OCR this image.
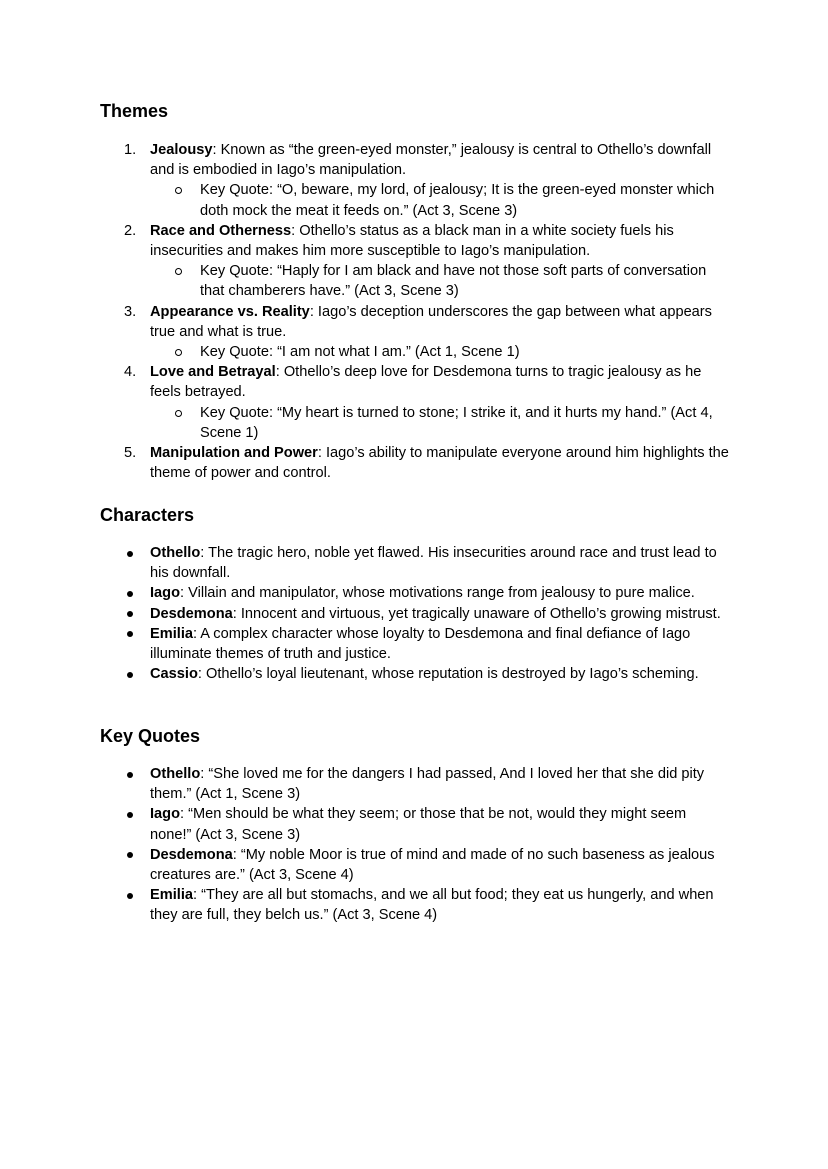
Themes
1. Jealousy: Known as “the green-eyed monster,” jealousy is central to Othello’s downfall and is embodied in Iago’s manipulation.
Key Quote: “O, beware, my lord, of jealousy; It is the green-eyed monster which doth mock the meat it feeds on.” (Act 3, Scene 3)
2. Race and Otherness: Othello’s status as a black man in a white society fuels his insecurities and makes him more susceptible to Iago’s manipulation.
Key Quote: “Haply for I am black and have not those soft parts of conversation that chamberers have.” (Act 3, Scene 3)
3. Appearance vs. Reality: Iago’s deception underscores the gap between what appears true and what is true.
Key Quote: “I am not what I am.” (Act 1, Scene 1)
4. Love and Betrayal: Othello’s deep love for Desdemona turns to tragic jealousy as he feels betrayed.
Key Quote: “My heart is turned to stone; I strike it, and it hurts my hand.” (Act 4, Scene 1)
5. Manipulation and Power: Iago’s ability to manipulate everyone around him highlights the theme of power and control.
Characters
Othello: The tragic hero, noble yet flawed. His insecurities around race and trust lead to his downfall.
Iago: Villain and manipulator, whose motivations range from jealousy to pure malice.
Desdemona: Innocent and virtuous, yet tragically unaware of Othello’s growing mistrust.
Emilia: A complex character whose loyalty to Desdemona and final defiance of Iago illuminate themes of truth and justice.
Cassio: Othello’s loyal lieutenant, whose reputation is destroyed by Iago’s scheming.
Key Quotes
Othello: “She loved me for the dangers I had passed, And I loved her that she did pity them.” (Act 1, Scene 3)
Iago: “Men should be what they seem; or those that be not, would they might seem none!” (Act 3, Scene 3)
Desdemona: “My noble Moor is true of mind and made of no such baseness as jealous creatures are.” (Act 3, Scene 4)
Emilia: “They are all but stomachs, and we all but food; they eat us hungerly, and when they are full, they belch us.” (Act 3, Scene 4)
